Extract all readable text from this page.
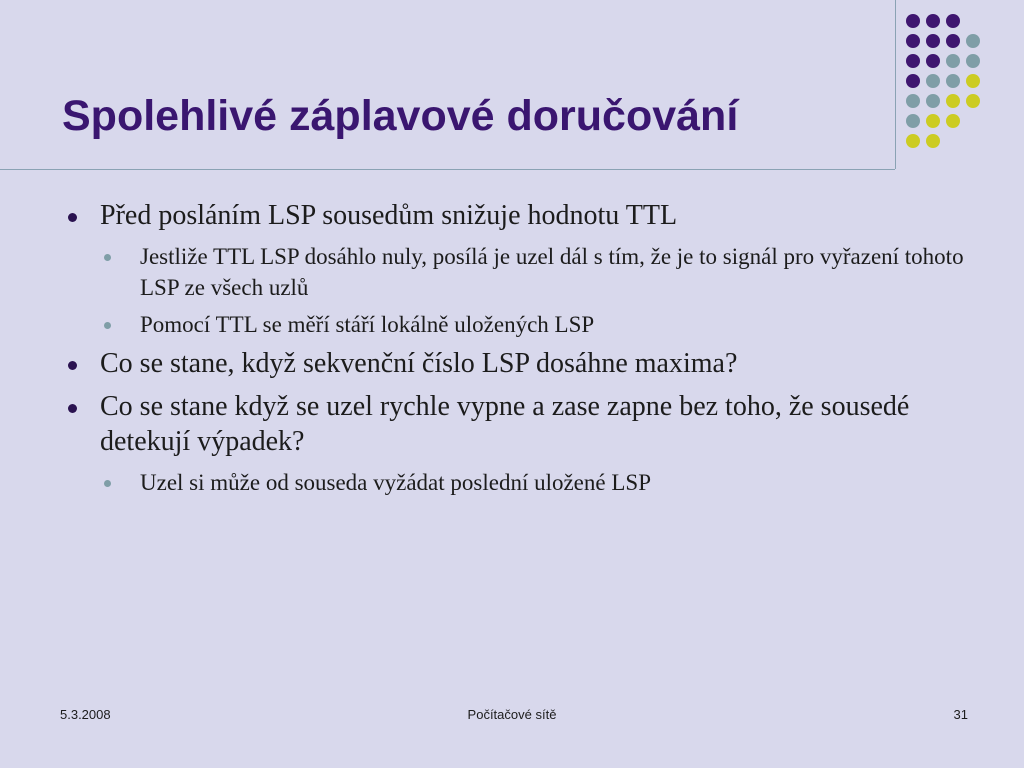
Spolehlivé záplavové doručování
Před posláním LSP sousedům snižuje hodnotu TTL
Jestliže TTL LSP dosáhlo nuly, posílá je uzel dál s tím, že je to signál pro vyřazení tohoto LSP ze všech uzlů
Pomocí TTL se měří stáří lokálně uložených LSP
Co se stane, když sekvenční číslo LSP dosáhne maxima?
Co se stane když se uzel rychle vypne a zase zapne bez toho, že sousedé detekují výpadek?
Uzel si může od souseda vyžádat poslední uložené LSP
5.3.2008	Počítačové sítě	31
